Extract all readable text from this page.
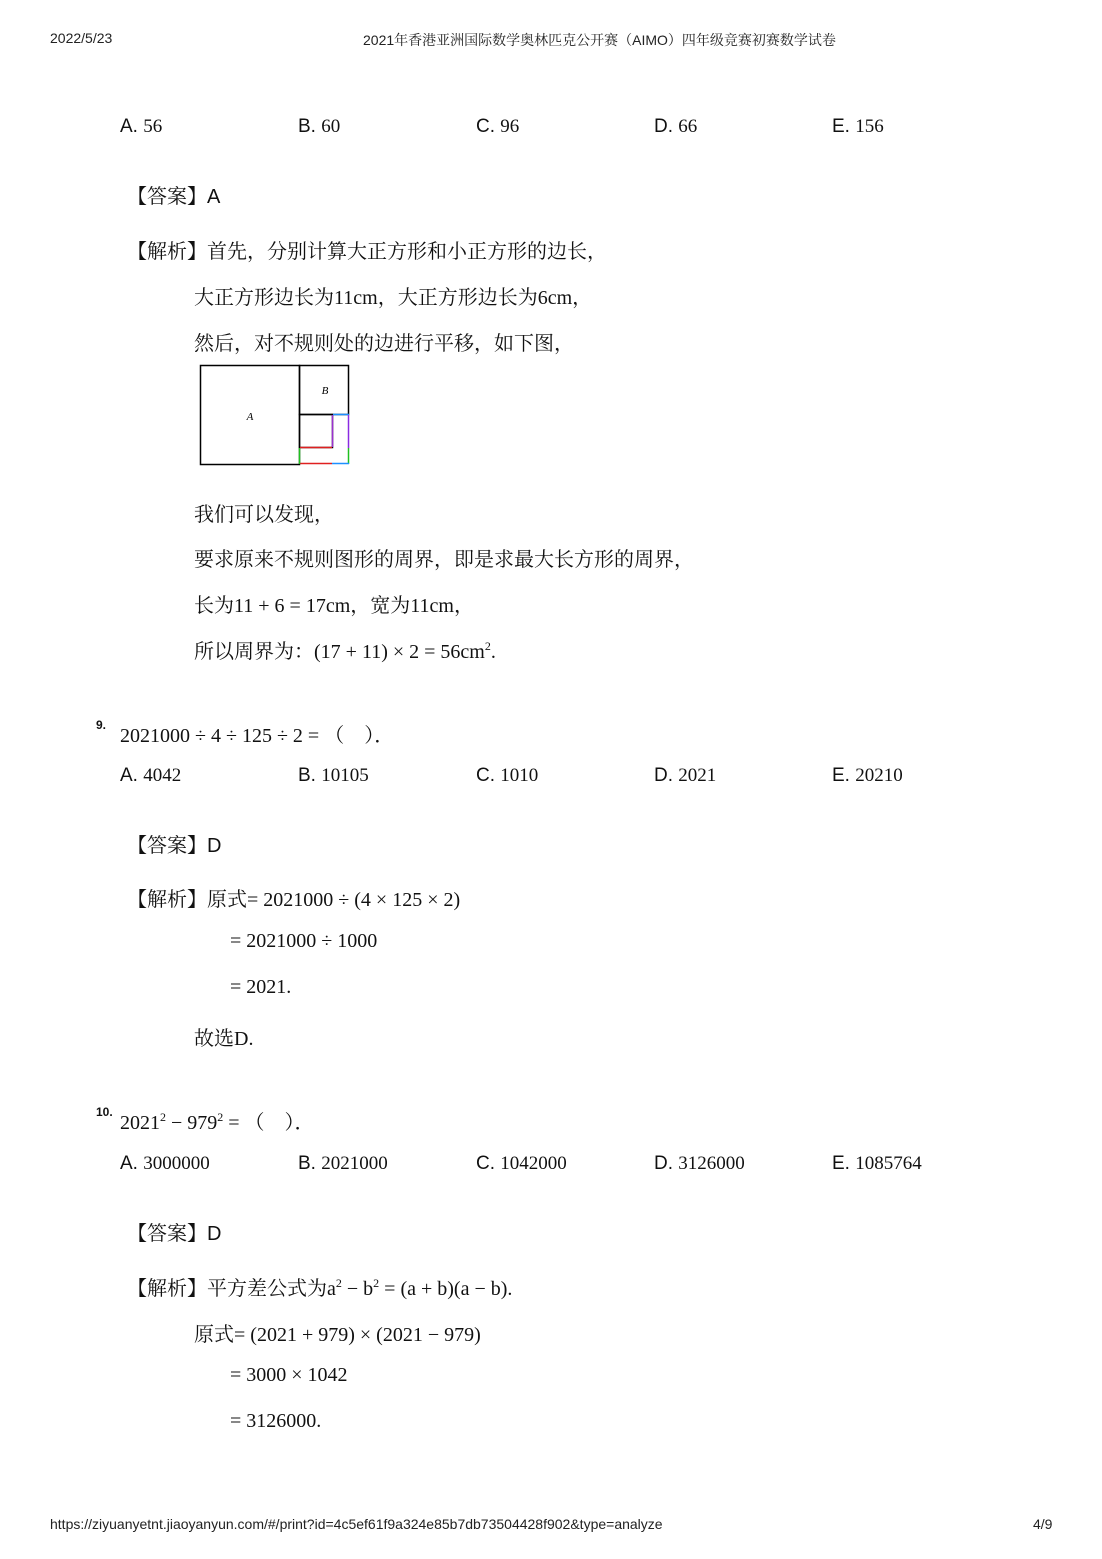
2022/5/23	2021年香港亚洲国际数学奥林匹克公开赛（AIMO）四年级竞赛初赛数学试卷
A. 56	B. 60	C. 96	D. 66	E. 156
【答案】A
【解析】首先，分别计算大正方形和小正方形的边长，
大正方形边长为11cm，大正方形边长为6cm，
然后，对不规则处的边进行平移，如下图，
A
B
我们可以发现，
要求原来不规则图形的周界，即是求最大长方形的周界，
长为11 + 6 = 17cm，宽为11cm，
所以周界为：$(17 + 11) \times 2 = 56cm^2$.
9. 2021000 ÷ 4 ÷ 125 ÷ 2 = （　）．
A. 4042	B. 10105	C. 1010	D. 2021	E. 20210
【答案】D
【解析】原式= 2021000 ÷ (4 × 125 × 2)
= 2021000 ÷ 1000
= 2021.
故选D.
10. $2021^2 - 979^2$ = （　）．
A. 3000000	B. 2021000	C. 1042000	D. 3126000	E. 1085764
【答案】D
【解析】平方差公式为$a^2 - b^2 = (a + b)(a - b)$.
原式= (2021 + 979) × (2021 − 979)
= 3000 × 1042
= 3126000.
https://ziyuanyetnt.jiaoyanyun.com/#/print?id=4c5ef61f9a324e85b7db73504428f902&type=analyze	4/9
